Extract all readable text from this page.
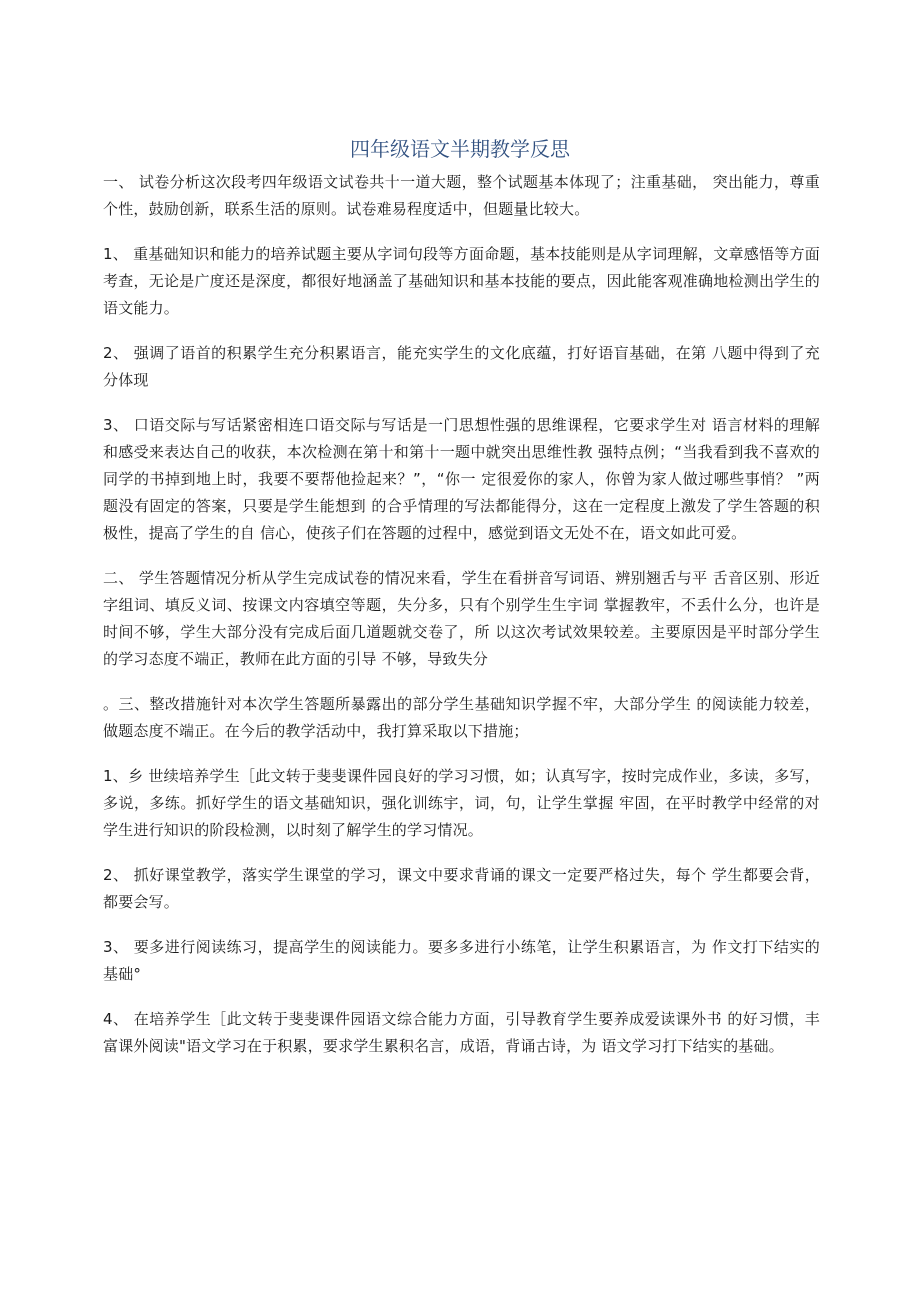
四年级语文半期教学反思

一、 试卷分析这次段考四年级语文试卷共十一道大题，整个试题基本体现了；注重基础， 突出能力，尊重个性，鼓励创新，联系生活的原则。试卷难易程度适中，但题量比较大。

1、 重基础知识和能力的培养试题主要从字词句段等方面命题，基本技能则是从字词理解，文章感悟等方面考查，无论是广度还是深度，都很好地涵盖了基础知识和基本技能的要点，因此能客观准确地检测出学生的语文能力。

2、 强调了语首的积累学生充分积累语言，能充实学生的文化底蕴，打好语盲基础，在第 八题中得到了充分体现

3、 口语交际与写话紧密相连口语交际与写话是一门思想性强的思维课程，它要求学生对 语言材料的理解和感受来表达自己的收获，本次检测在第十和第十一题中就突出思维性教 强特点例；“当我看到我不喜欢的同学的书掉到地上时，我要不要帮他捡起来？”，“你一 定很爱你的家人，你曾为家人做过哪些事悄？ ”两题没有固定的答案，只要是学生能想到 的合乎情理的写法都能得分，这在一定程度上激发了学生答题的积极性，提高了学生的自 信心，使孩子们在答题的过程中，感觉到语文无处不在，语文如此可爱。

二、 学生答题情况分析从学生完成试卷的情况来看，学生在看拼音写词语、辨别翘舌与平 舌音区别、形近字组词、填反义词、按课文内容填空等题，失分多，只有个别学生生宇词 掌握教牢，不丢什么分，也许是时间不够，学生大部分没有完成后面几道题就交卷了，所 以这次考试效果较差。主要原因是平时部分学生的学习态度不端正，教师在此方面的引导 不够，导致失分

。三、整改措施针对本次学生答题所暴露出的部分学生基础知识学握不牢，大部分学生 的阅读能力较差，做题态度不端正。在今后的教学活动中，我打算采取以下措施；

1、乡 世续培养学生［此文转于斐斐课件园良好的学习习惯，如；认真写字，按时完成作业，多读，多写，多说，多练。抓好学生的语文基础知识，强化训练宇，词，句，让学生掌握 牢固，在平时教学中经常的对学生进行知识的阶段检测，以时刻了解学生的学习情况。

2、 抓好课堂教学，落实学生课堂的学习，课文中要求背诵的课文一定要严格过失，每个 学生都要会背，都要会写。

3、 要多进行阅读练习，提高学生的阅读能力。要多多进行小练笔，让学生积累语言，为 作文打下结实的基础°

4、 在培养学生［此文转于斐斐课件园语文综合能力方面，引导教育学生要养成爱读课外书 的好习惯，丰富课外阅读"语文学习在于积累，要求学生累积名言，成语，背诵古诗，为 语文学习打下结实的基础。
